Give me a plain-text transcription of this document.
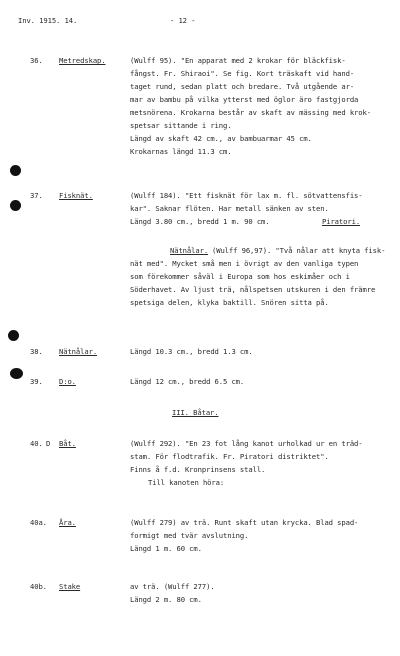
Inv. 1915. 14.	- 12 -
36. Metredskap.	(Wulff 95). "En apparat med 2 krokar för bläckfisk-
fångst. Fr. Shiraoi". Se fig. Kort träskaft vid hand-
taget rund, sedan platt och bredare. Två utgående ar-
mar av bambu på vilka ytterst med öglor äro fastgjorda
metsnörena. Krokarna består av skaft av mässing med krok-
spetsar sittande i ring.
Längd av skaft 42 cm., av bambuarmar 45 cm.
Krokarnas längd 11.3 cm.
37. Fisknät.	(Wulff 184). "Ett fisknät för lax m. fl. sötvattensfis-
kar". Saknar flöten. Har metall sänken av sten.
Längd 3.80 cm., bredd 1 m. 90 cm.	Piratori.
Nätnålar. (Wulff 96,97). "Två nålar att knyta fisk-
nät med". Mycket små men i övrigt av den vanliga typen
som förekommer såväl i Europa som hos eskimåer och i
Söderhavet. Av ljust trä, nålspetsen utskuren i den främre
spetsiga delen, klyka baktill. Snören sitta på.
38. Nätnålar.	Längd 10.3 cm., bredd 1.3 cm.
39. D:o.	Längd 12 cm., bredd 6.5 cm.
III. Båtar.
40. D Båt.	(Wulff 292). "En 23 fot lång kanot urholkad ur en träd-
stam. För flodtrafik. Fr. Piratori distriktet".
Finns å f.d. Kronprinsens stall.
Till kanoten höra:
40a. Åra.	(Wulff 279) av trä. Runt skaft utan krycka. Blad spad-
formigt med tvär avslutning.
Längd 1 m. 60 cm.
40b. Stake	av trä. (Wulff 277).
Längd 2 m. 80 cm.
